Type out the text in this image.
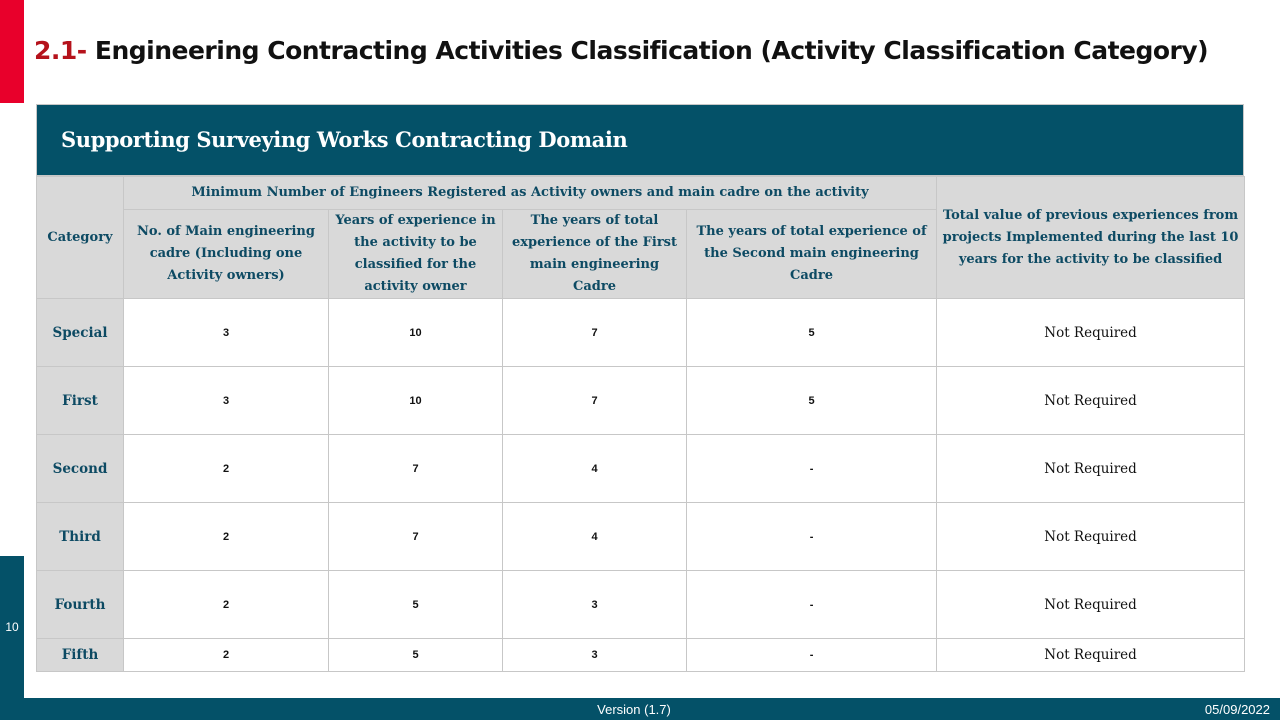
10
2.1- Engineering Contracting Activities Classification (Activity Classification Category)
Supporting Surveying Works Contracting Domain
Category	Minimum Number of Engineers Registered as Activity owners and main cadre on the activity				Total value of previous experiences from projects Implemented during the last 10 years for the activity to be classified
	No. of Main engineering cadre (Including one Activity owners)	Years of experience in the activity to be classified for the activity owner	The years of total experience of the First main engineering Cadre	The years of total experience of the Second main engineering Cadre	
Special	3	10	7	5	Not Required
First	3	10	7	5	Not Required
Second	2	7	4	-	Not Required
Third	2	7	4	-	Not Required
Fourth	2	5	3	-	Not Required
Fifth	2	5	3	-	Not Required
Version (1.7)	05/09/2022
